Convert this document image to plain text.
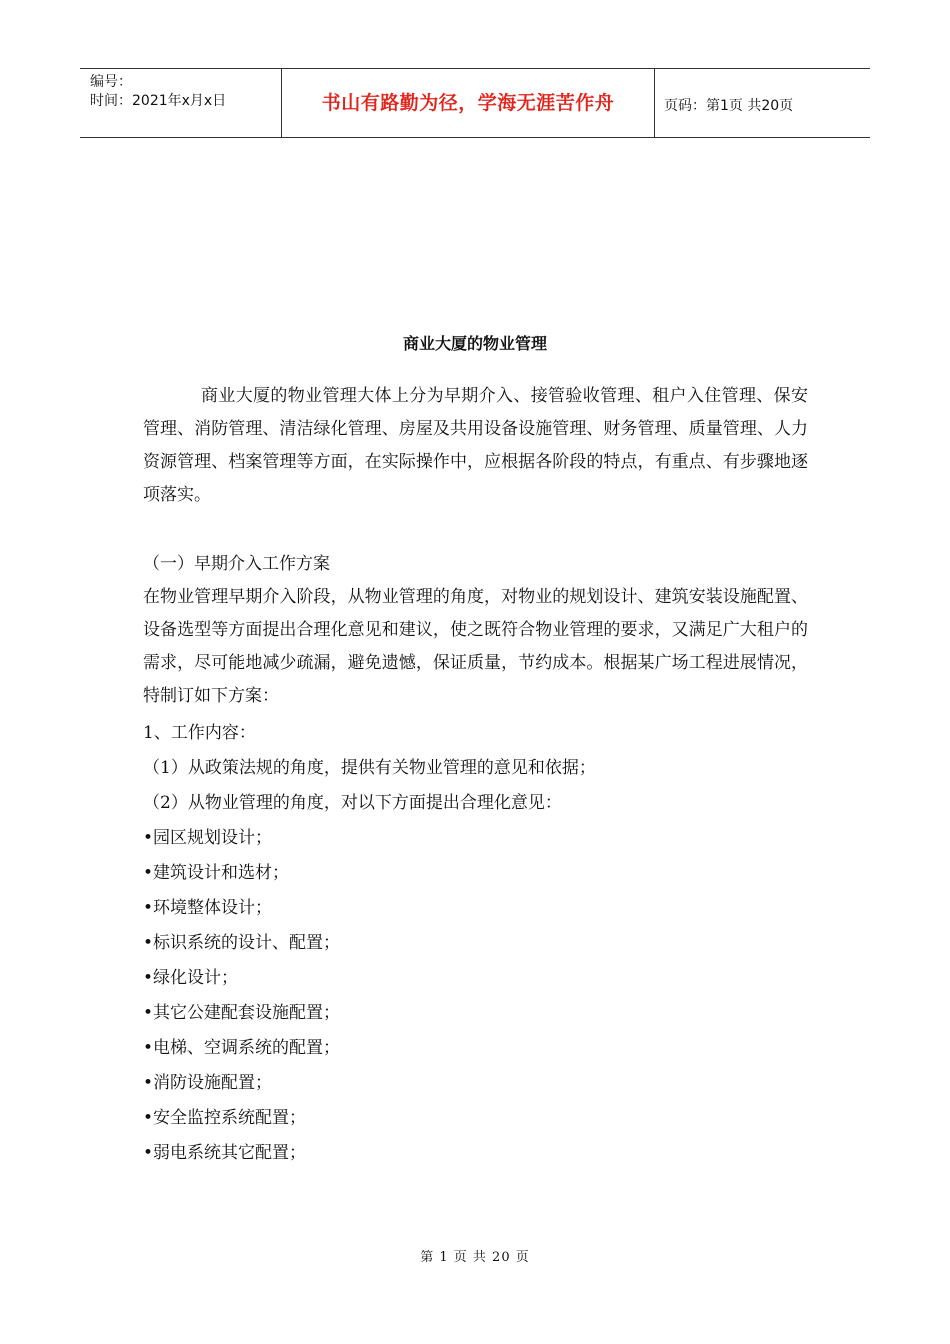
编号：
时间：2021年x月x日	书山有路勤为径，学海无涯苦作舟	页码：第1页 共20页
商业大厦的物业管理

商业大厦的物业管理大体上分为早期介入、接管验收管理、租户入住管理、保安管理、消防管理、清洁绿化管理、房屋及共用设备设施管理、财务管理、质量管理、人力资源管理、档案管理等方面，在实际操作中，应根据各阶段的特点，有重点、有步骤地逐项落实。

（一）早期介入工作方案

在物业管理早期介入阶段，从物业管理的角度，对物业的规划设计、建筑安装设施配置、设备选型等方面提出合理化意见和建议，使之既符合物业管理的要求，又满足广大租户的需求，尽可能地减少疏漏，避免遗憾，保证质量，节约成本。根据某广场工程进展情况，特制订如下方案：

1、工作内容：
（1）从政策法规的角度，提供有关物业管理的意见和依据；
（2）从物业管理的角度，对以下方面提出合理化意见：
•园区规划设计；
•建筑设计和选材；
•环境整体设计；
•标识系统的设计、配置；
•绿化设计；
•其它公建配套设施配置；
•电梯、空调系统的配置；
•消防设施配置；
•安全监控系统配置；
•弱电系统其它配置；
第 1 页 共 20 页
